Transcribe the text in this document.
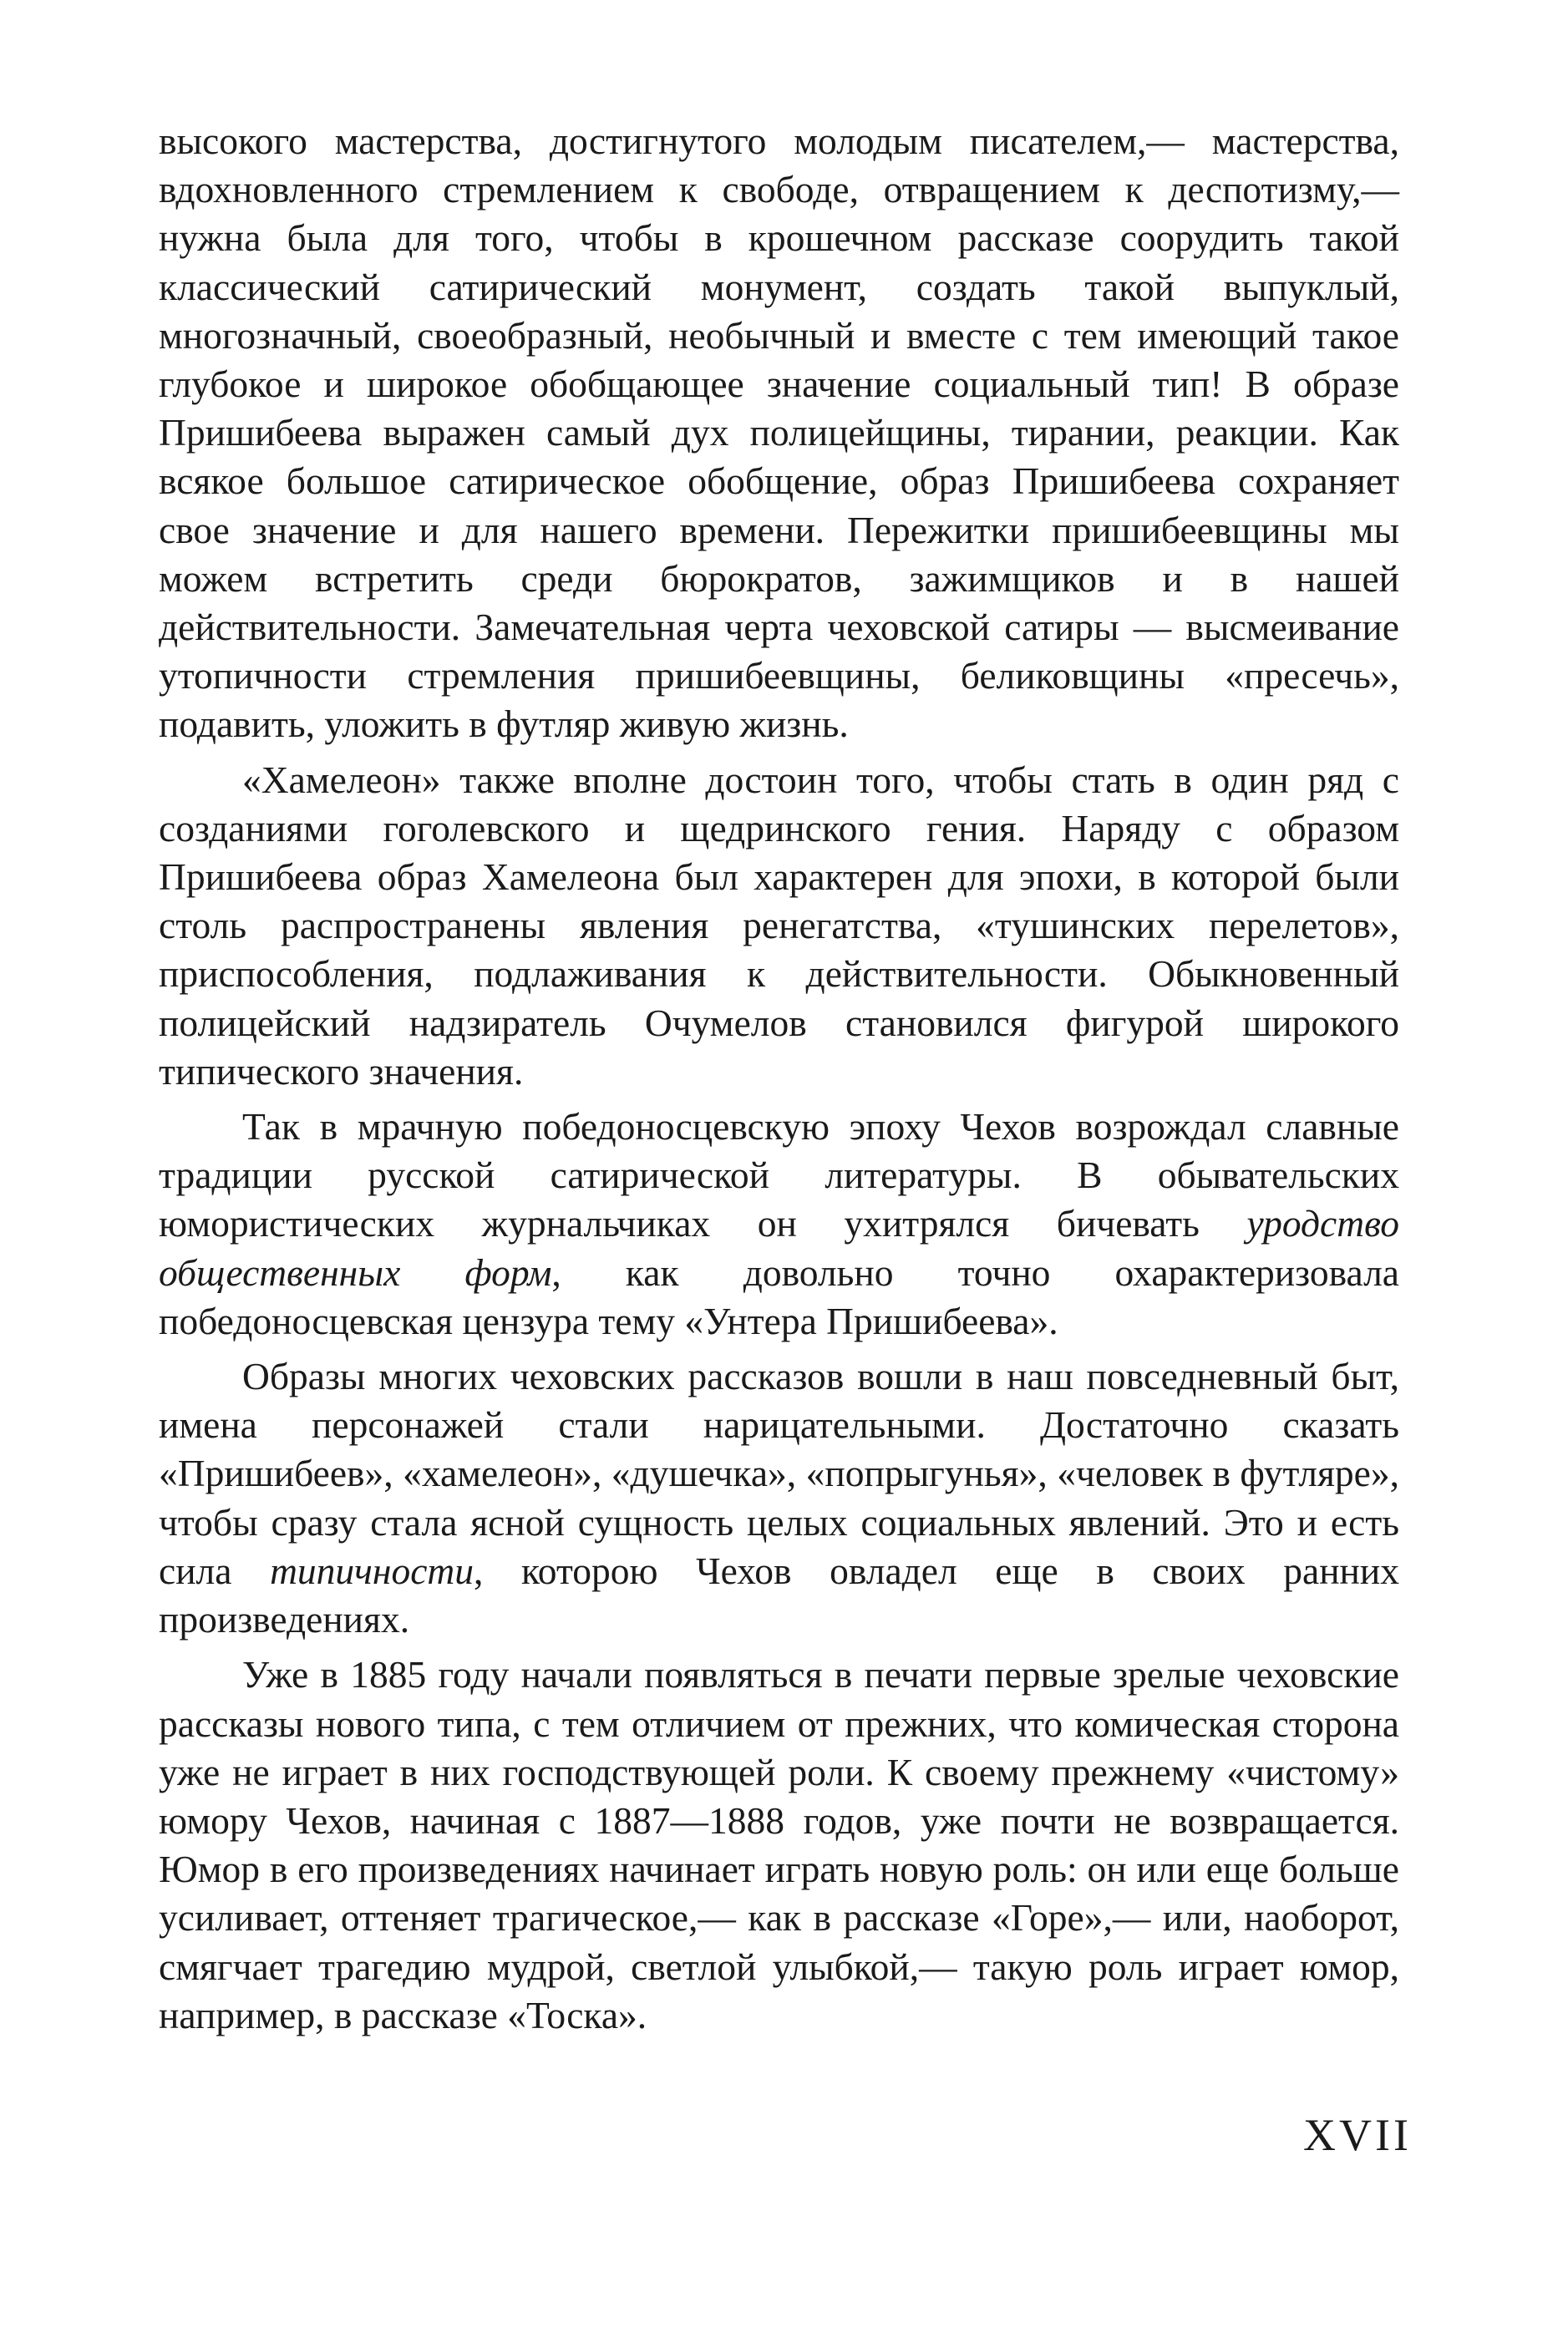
высокого мастерства, достигнутого молодым писателем,— мастерства, вдохновленного стремлением к свободе, отвращением к деспотизму,— нужна была для того, чтобы в крошечном рассказе соорудить такой классический сатирический монумент, создать такой выпуклый, многозначный, своеобразный, необычный и вместе с тем имеющий такое глубокое и широкое обобщающее значение социальный тип! В образе Пришибеева выражен самый дух полицейщины, тирании, реакции. Как всякое большое сатирическое обобщение, образ Пришибеева сохраняет свое значение и для нашего времени. Пережитки пришибеевщины мы можем встретить среди бюрократов, зажимщиков и в нашей действительности. Замечательная черта чеховской сатиры — высмеивание утопичности стремления пришибеевщины, беликовщины «пресечь», подавить, уложить в футляр живую жизнь.

«Хамелеон» также вполне достоин того, чтобы стать в один ряд с созданиями гоголевского и щедринского гения. Наряду с образом Пришибеева образ Хамелеона был характерен для эпохи, в которой были столь распространены явления ренегатства, «тушинских перелетов», приспособления, подлаживания к действительности. Обыкновенный полицейский надзиратель Очумелов становился фигурой широкого типического значения.

Так в мрачную победоносцевскую эпоху Чехов возрождал славные традиции русской сатирической литературы. В обывательских юмористических журнальчиках он ухитрялся бичевать уродство общественных форм, как довольно точно охарактеризовала победоносцевская цензура тему «Унтера Пришибеева».

Образы многих чеховских рассказов вошли в наш повседневный быт, имена персонажей стали нарицательными. Достаточно сказать «Пришибеев», «хамелеон», «душечка», «попрыгунья», «человек в футляре», чтобы сразу стала ясной сущность целых социальных явлений. Это и есть сила типичности, которою Чехов овладел еще в своих ранних произведениях.

Уже в 1885 году начали появляться в печати первые зрелые чеховские рассказы нового типа, с тем отличием от прежних, что комическая сторона уже не играет в них господствующей роли. К своему прежнему «чистому» юмору Чехов, начиная с 1887—1888 годов, уже почти не возвращается. Юмор в его произведениях начинает играть новую роль: он или еще больше усиливает, оттеняет трагическое,— как в рассказе «Горе»,— или, наоборот, смягчает трагедию мудрой, светлой улыбкой,— такую роль играет юмор, например, в рассказе «Тоска».

XVII
